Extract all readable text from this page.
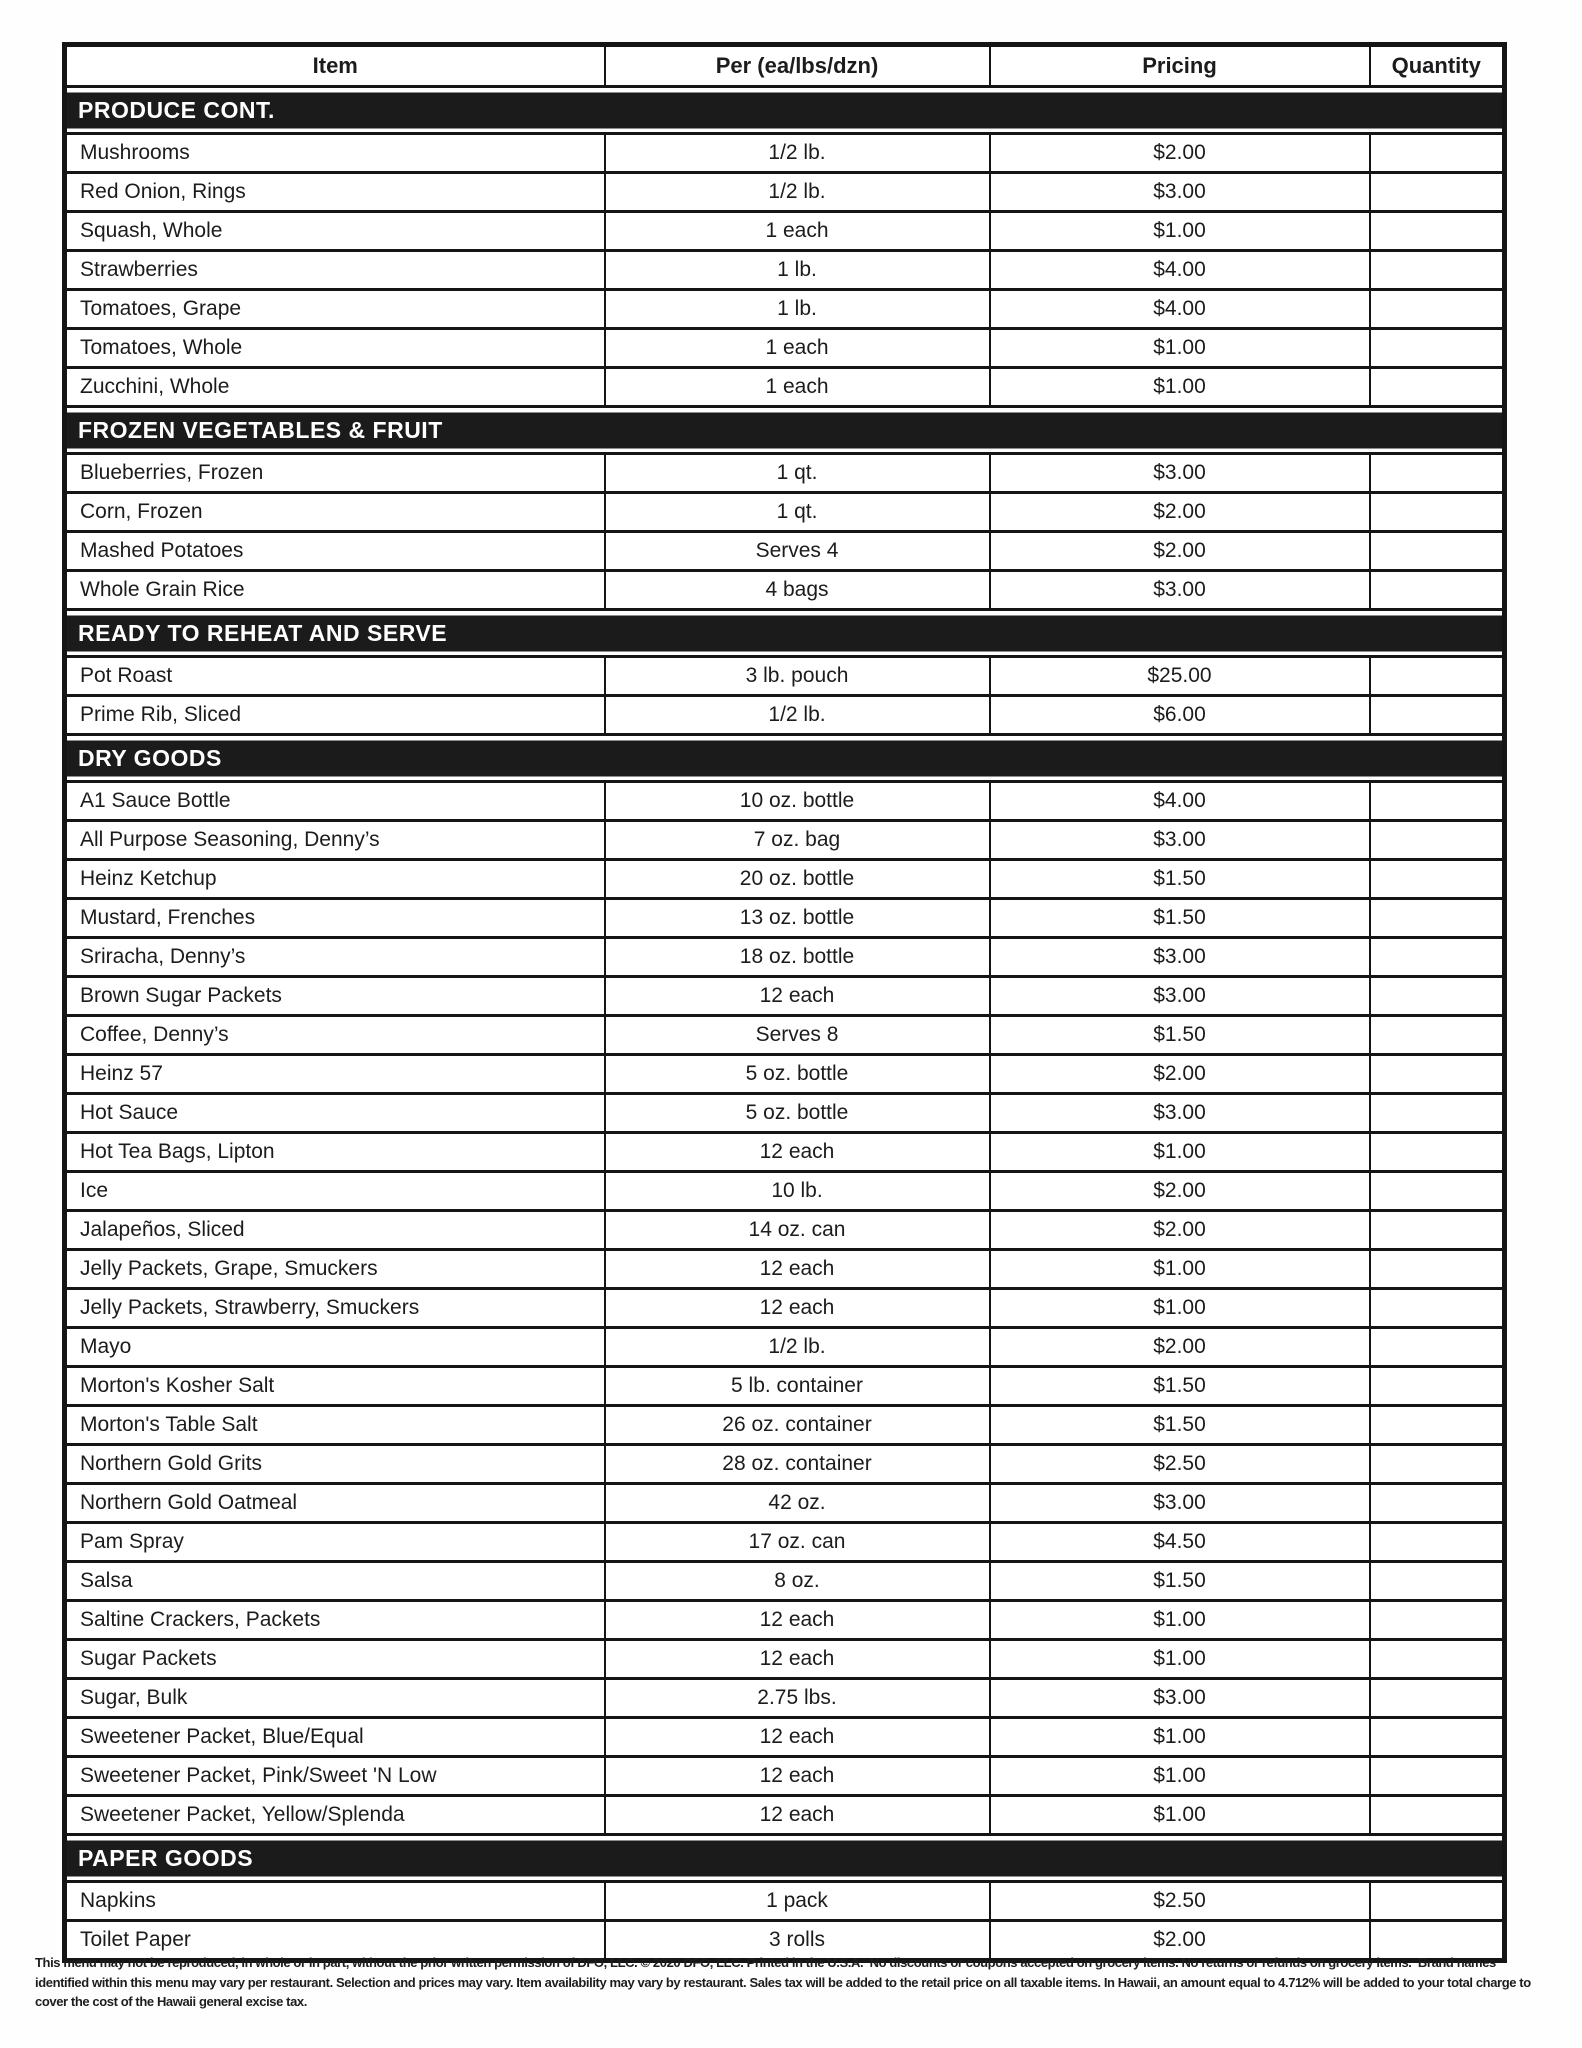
Item	Per (ea/lbs/dzn)	Pricing	Quantity
PRODUCE CONT.			
Mushrooms	1/2 lb.	$2.00	
Red Onion, Rings	1/2 lb.	$3.00	
Squash, Whole	1 each	$1.00	
Strawberries	1 lb.	$4.00	
Tomatoes, Grape	1 lb.	$4.00	
Tomatoes, Whole	1 each	$1.00	
Zucchini, Whole	1 each	$1.00	
FROZEN VEGETABLES & FRUIT			
Blueberries, Frozen	1 qt.	$3.00	
Corn, Frozen	1 qt.	$2.00	
Mashed Potatoes	Serves 4	$2.00	
Whole Grain Rice	4 bags	$3.00	
READY TO REHEAT AND SERVE			
Pot Roast	3 lb. pouch	$25.00	
Prime Rib, Sliced	1/2 lb.	$6.00	
DRY GOODS			
A1 Sauce Bottle	10 oz. bottle	$4.00	
All Purpose Seasoning, Denny’s	7 oz. bag	$3.00	
Heinz Ketchup	20 oz. bottle	$1.50	
Mustard, Frenches	13 oz. bottle	$1.50	
Sriracha, Denny’s	18 oz. bottle	$3.00	
Brown Sugar Packets	12 each	$3.00	
Coffee, Denny’s	Serves 8	$1.50	
Heinz 57	5 oz. bottle	$2.00	
Hot Sauce	5 oz. bottle	$3.00	
Hot Tea Bags, Lipton	12 each	$1.00	
Ice	10 lb.	$2.00	
Jalapeños, Sliced	14 oz. can	$2.00	
Jelly Packets, Grape, Smuckers	12 each	$1.00	
Jelly Packets, Strawberry, Smuckers	12 each	$1.00	
Mayo	1/2 lb.	$2.00	
Morton's Kosher Salt	5 lb. container	$1.50	
Morton's Table Salt	26 oz. container	$1.50	
Northern Gold Grits	28 oz. container	$2.50	
Northern Gold Oatmeal	42 oz.	$3.00	
Pam Spray	17 oz. can	$4.50	
Salsa	8 oz.	$1.50	
Saltine Crackers, Packets	12 each	$1.00	
Sugar Packets	12 each	$1.00	
Sugar, Bulk	2.75 lbs.	$3.00	
Sweetener Packet, Blue/Equal	12 each	$1.00	
Sweetener Packet, Pink/Sweet 'N Low	12 each	$1.00	
Sweetener Packet, Yellow/Splenda	12 each	$1.00	
PAPER GOODS			
Napkins	1 pack	$2.50	
Toilet Paper	3 rolls	$2.00	

This menu may not be reproduced, in whole or in part, without the prior written permission of DFO, LLC. © 2020 DFO, LLC. Printed in the U.S.A.  No discounts or coupons accepted on grocery items. No returns or refunds on grocery items.  Brand names identified within this menu may vary per restaurant. Selection and prices may vary. Item availability may vary by restaurant. Sales tax will be added to the retail price on all taxable items. In Hawaii, an amount equal to 4.712% will be added to your total charge to cover the cost of the Hawaii general excise tax.
